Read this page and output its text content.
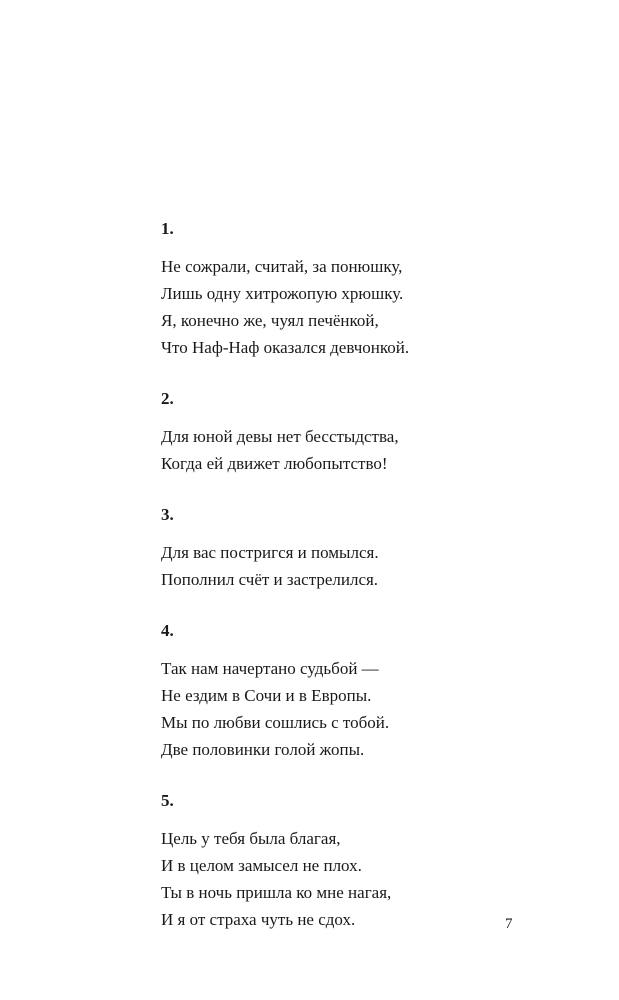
1.
Не сожрали, считай, за понюшку,
Лишь одну хитрожопую хрюшку.
Я, конечно же, чуял печёнкой,
Что Наф-Наф оказался девчонкой.
2.
Для юной девы нет бесстыдства,
Когда ей движет любопытство!
3.
Для вас постригся и помылся.
Пополнил счёт и застрелился.
4.
Так нам начертано судьбой —
Не ездим в Сочи и в Европы.
Мы по любви сошлись с тобой.
Две половинки голой жопы.
5.
Цель у тебя была благая,
И в целом замысел не плох.
Ты в ночь пришла ко мне нагая,
И я от страха чуть не сдох.	7
